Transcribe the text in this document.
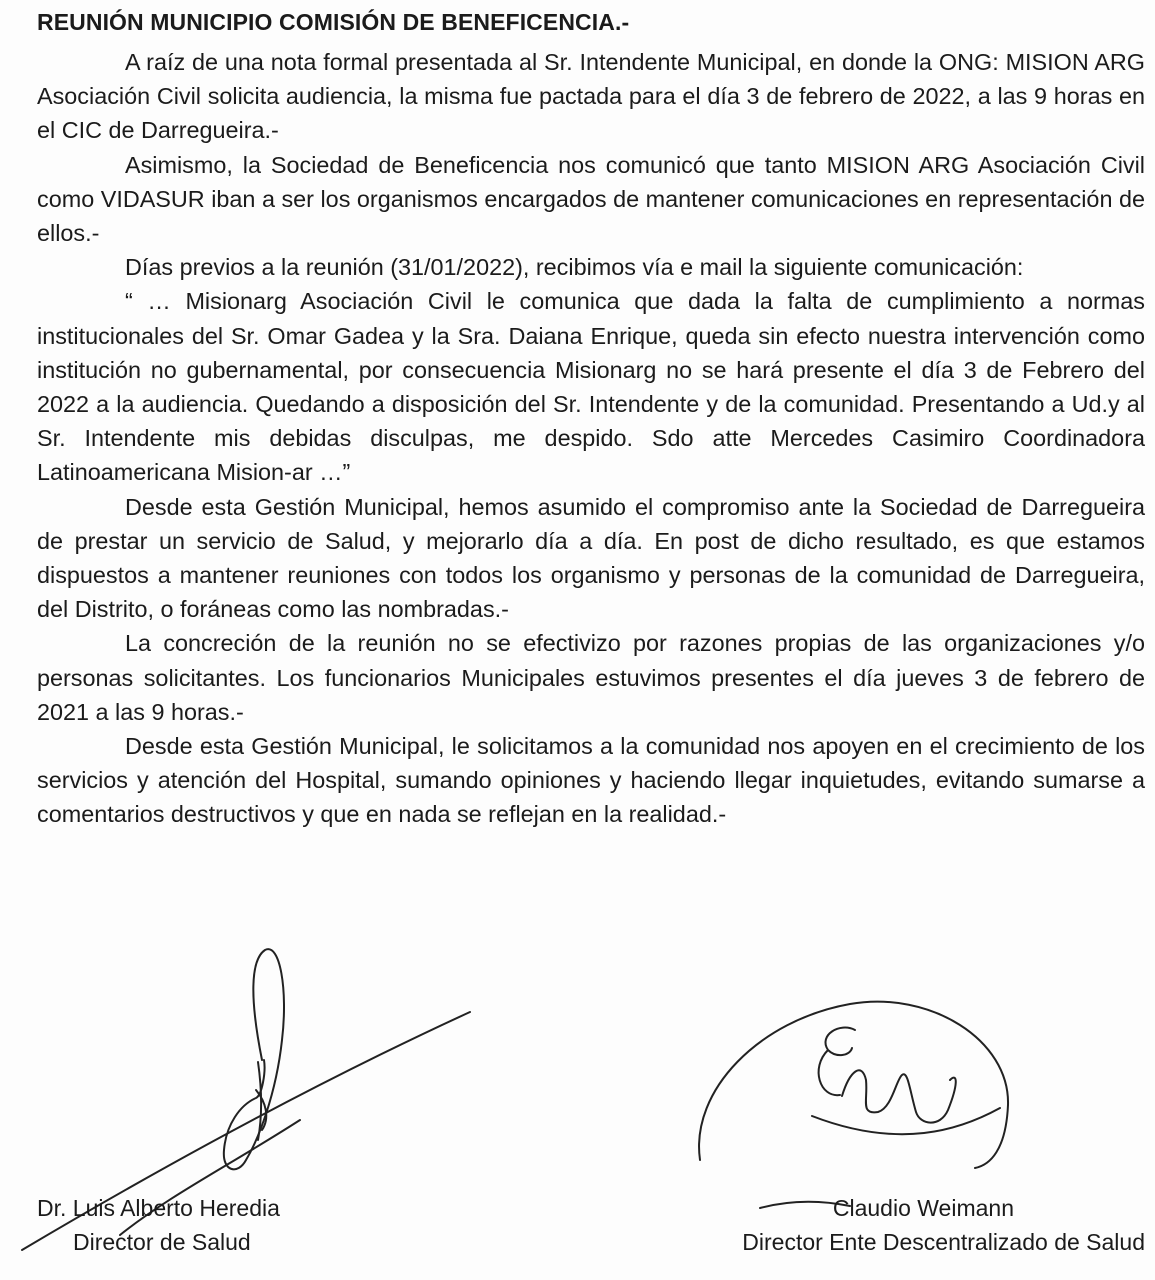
REUNIÓN MUNICIPIO COMISIÓN DE BENEFICENCIA.-

A raíz de una nota formal presentada al Sr. Intendente Municipal, en donde la ONG: MISION ARG Asociación Civil solicita audiencia, la misma fue pactada para el día 3 de febrero de 2022, a las 9 horas en el CIC de Darregueira.-

Asimismo, la Sociedad de Beneficencia nos comunicó que tanto MISION ARG Asociación Civil como VIDASUR iban a ser los organismos encargados de mantener comunicaciones en representación de ellos.-

Días previos a la reunión (31/01/2022), recibimos vía e mail la siguiente comunicación:

“ … Misionarg Asociación Civil le comunica que dada la falta de cumplimiento a normas institucionales del Sr. Omar Gadea y la Sra. Daiana Enrique, queda sin efecto nuestra intervención como institución no gubernamental, por consecuencia Misionarg no se hará presente el día 3 de Febrero del 2022 a la audiencia. Quedando a disposición del Sr. Intendente y de la comunidad. Presentando a Ud.y al Sr. Intendente mis debidas disculpas, me despido. Sdo atte Mercedes Casimiro Coordinadora Latinoamericana Mision-ar …”

Desde esta Gestión Municipal, hemos asumido el compromiso ante la Sociedad de Darregueira de prestar un servicio de Salud, y mejorarlo día a día. En post de dicho resultado, es que estamos dispuestos a mantener reuniones con todos los organismo y personas de la comunidad de Darregueira, del Distrito, o foráneas como las nombradas.-

La concreción de la reunión no se efectivizo por razones propias de las organizaciones y/o personas solicitantes. Los funcionarios Municipales estuvimos presentes el día jueves 3 de febrero de 2021 a las 9 horas.-

Desde esta Gestión Municipal, le solicitamos a la comunidad nos apoyen en el crecimiento de los servicios y atención del Hospital, sumando opiniones y haciendo llegar inquietudes, evitando sumarse a comentarios destructivos y que en nada se reflejan en la realidad.-

Dr. Luis Alberto Heredia
Director de Salud
Claudio Weimann
Director Ente Descentralizado de Salud
